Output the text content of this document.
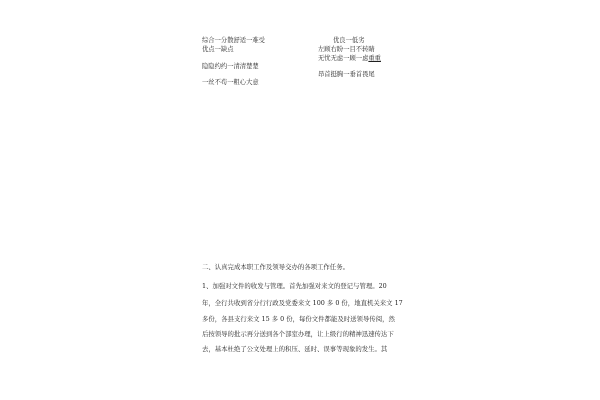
综合一分散舒适一难受
优点一缺点
隐隐约约一清清楚楚
一丝不苟一粗心大意
优良一低劣
左顾右盼一目不转睛
无忧无虑一顾一虑重重
昂首挺胸一垂首畏尾
二、认真完成本职工作及领导交办的各项工作任务。
1、加强对文件的收发与管理。首先加强对来文的登记与管理。20
年，全行共收到省分行行政及党委来文 100 多 0 份，地直机关来文 17
多份，各县支行来文 15 多 0 份，每份文件都能及时送领导传阅，然
后按领导的批示再分送到各个部室办理，让上级行的精神迅速传达下
去，基本杜绝了公文处理上的积压、延时、误事等现象的发生。其
